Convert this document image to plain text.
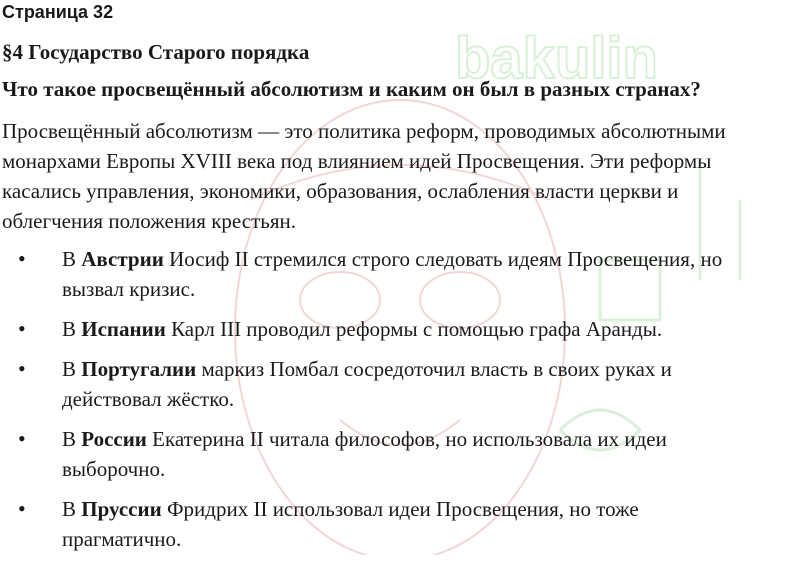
bakulin
Страница 32
§4 Государство Старого порядка
Что такое просвещённый абсолютизм и каким он был в разных странах?

Просвещённый абсолютизм — это политика реформ, проводимых абсолютными
монархами Европы XVIII века под влиянием идей Просвещения. Эти реформы
касались управления, экономики, образования, ослабления власти церкви и
облегчения положения крестьян.

• В Австрии Иосиф II стремился строго следовать идеям Просвещения, но
вызвал кризис.
• В Испании Карл III проводил реформы с помощью графа Аранды.
• В Португалии маркиз Помбал сосредоточил власть в своих руках и
действовал жёстко.
• В России Екатерина II читала философов, но использовала их идеи
выборочно.
• В Пруссии Фридрих II использовал идеи Просвещения, но тоже
прагматично.
